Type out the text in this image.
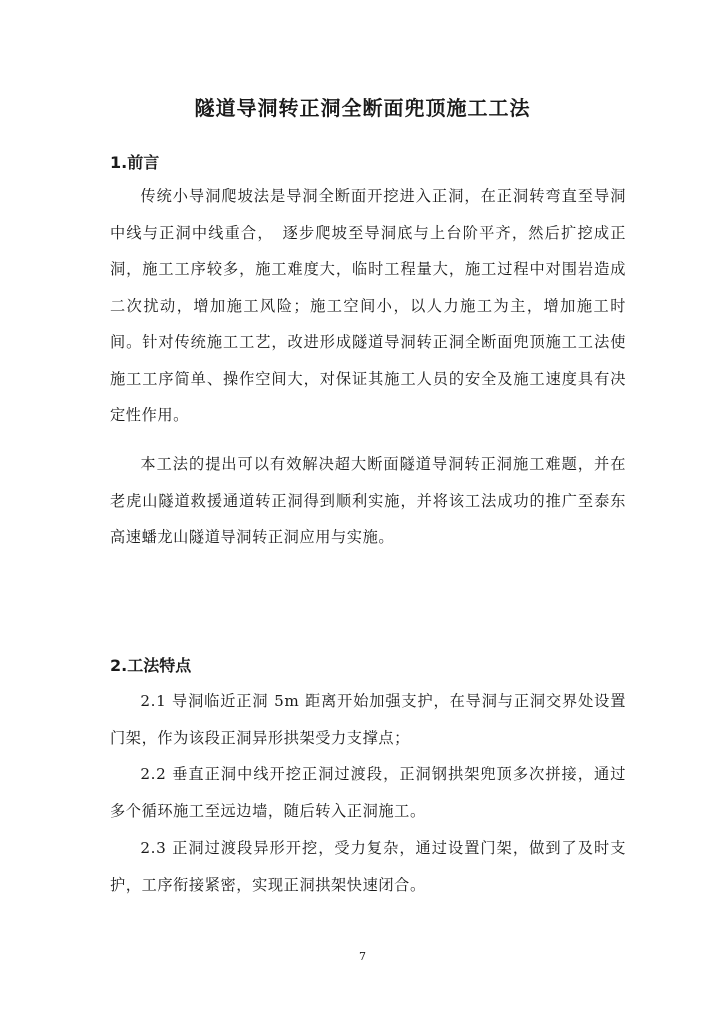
隧道导洞转正洞全断面兜顶施工工法
1.前言

传统小导洞爬坡法是导洞全断面开挖进入正洞，在正洞转弯直至导洞中线与正洞中线重合，　逐步爬坡至导洞底与上台阶平齐，然后扩挖成正洞，施工工序较多，施工难度大，临时工程量大，施工过程中对围岩造成二次扰动，增加施工风险；施工空间小，以人力施工为主，增加施工时间。针对传统施工工艺，改进形成隧道导洞转正洞全断面兜顶施工工法使施工工序简单、操作空间大，对保证其施工人员的安全及施工速度具有决定性作用。

本工法的提出可以有效解决超大断面隧道导洞转正洞施工难题，并在老虎山隧道救援通道转正洞得到顺利实施，并将该工法成功的推广至泰东高速蟠龙山隧道导洞转正洞应用与实施。

2.工法特点

2.1 导洞临近正洞 5m 距离开始加强支护，在导洞与正洞交界处设置门架，作为该段正洞异形拱架受力支撑点；

2.2 垂直正洞中线开挖正洞过渡段，正洞钢拱架兜顶多次拼接，通过多个循环施工至远边墙，随后转入正洞施工。

2.3 正洞过渡段异形开挖，受力复杂，通过设置门架，做到了及时支护，工序衔接紧密，实现正洞拱架快速闭合。

7
